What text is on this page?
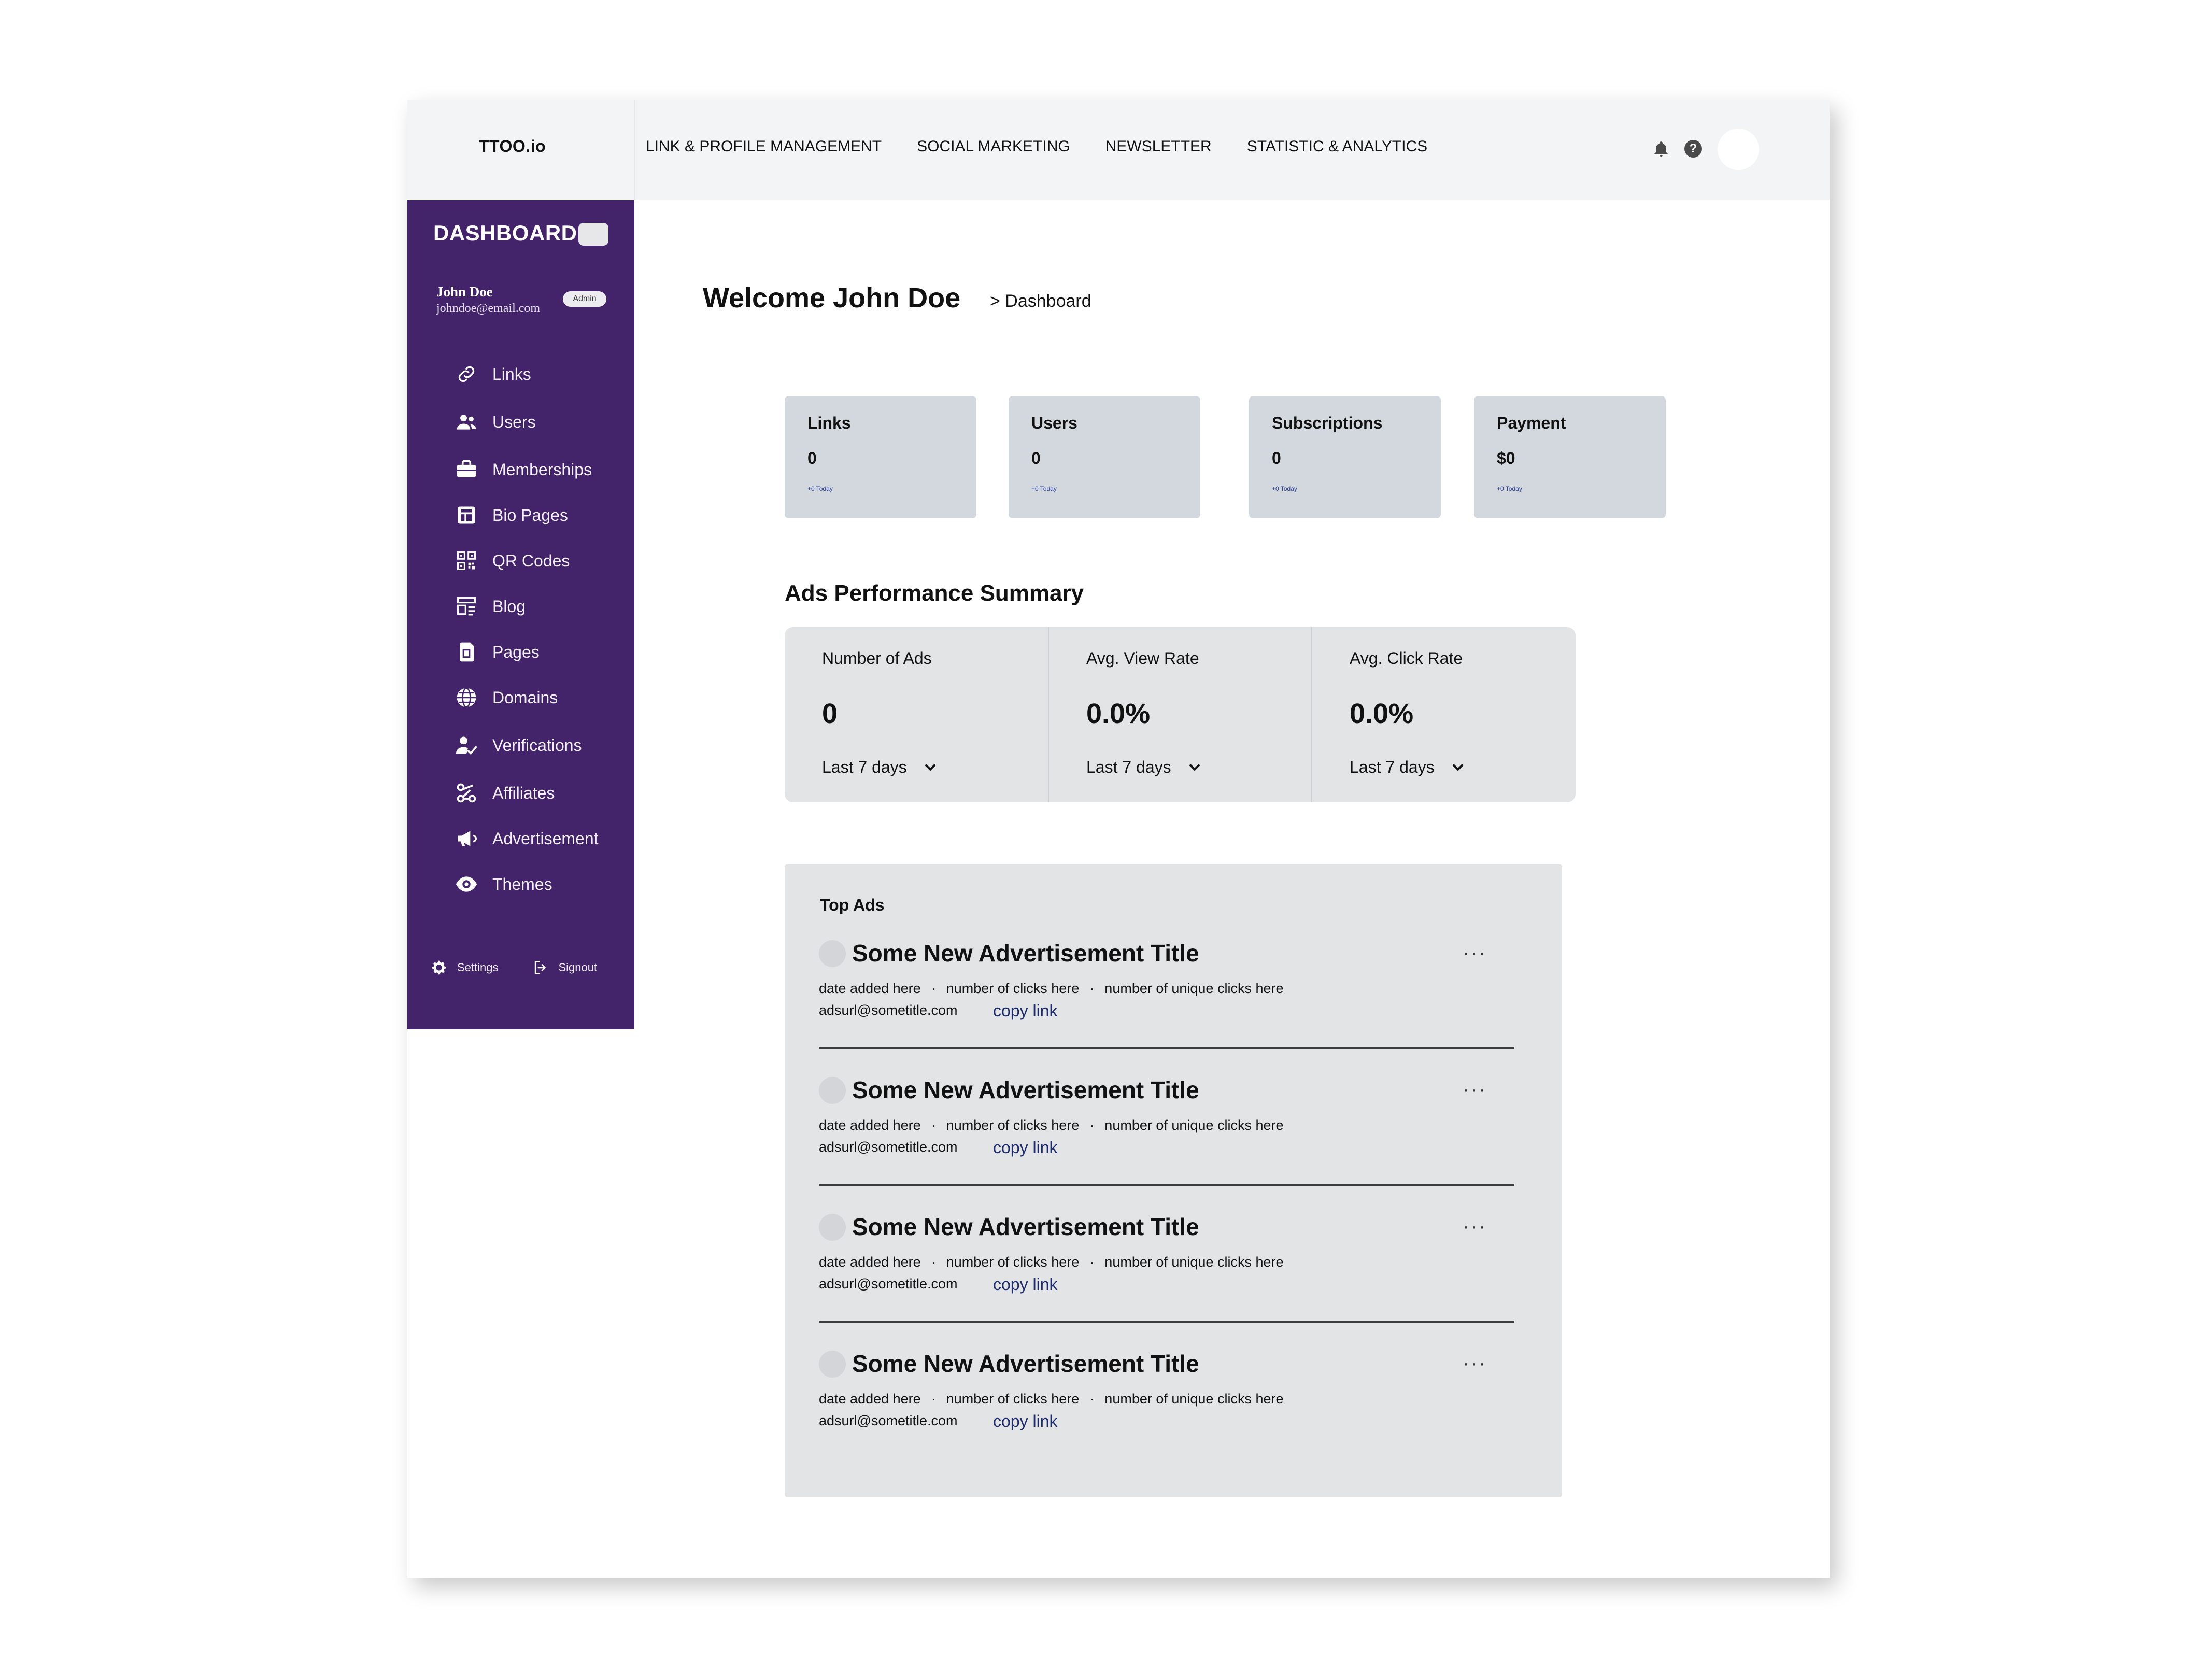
TTOO.io	LINK & PROFILE MANAGEMENT SOCIAL MARKETING NEWSLETTER STATISTIC & ANALYTICS	?
DASHBOARD
John Doe
johndoe@email.com
Admin
Links
Users
Memberships
Bio Pages
QR Codes
Blog
Pages
Domains
Verifications
Affiliates
Advertisement
Themes
Settings	Signout
Welcome John Doe > Dashboard
Links
0
+0 Today
Users
0
+0 Today
Subscriptions
0
+0 Today
Payment
$0
+0 Today
Ads Performance Summary
Number of Ads
0
Last 7 days
Avg. View Rate
0.0%
Last 7 days
Avg. Click Rate
0.0%
Last 7 days
Top Ads
Some New Advertisement Title	···
date added here · number of clicks here · number of unique clicks here
adsurl@sometitle.com copy link
Some New Advertisement Title	···
date added here · number of clicks here · number of unique clicks here
adsurl@sometitle.com copy link
Some New Advertisement Title	···
date added here · number of clicks here · number of unique clicks here
adsurl@sometitle.com copy link
Some New Advertisement Title	···
date added here · number of clicks here · number of unique clicks here
adsurl@sometitle.com copy link
